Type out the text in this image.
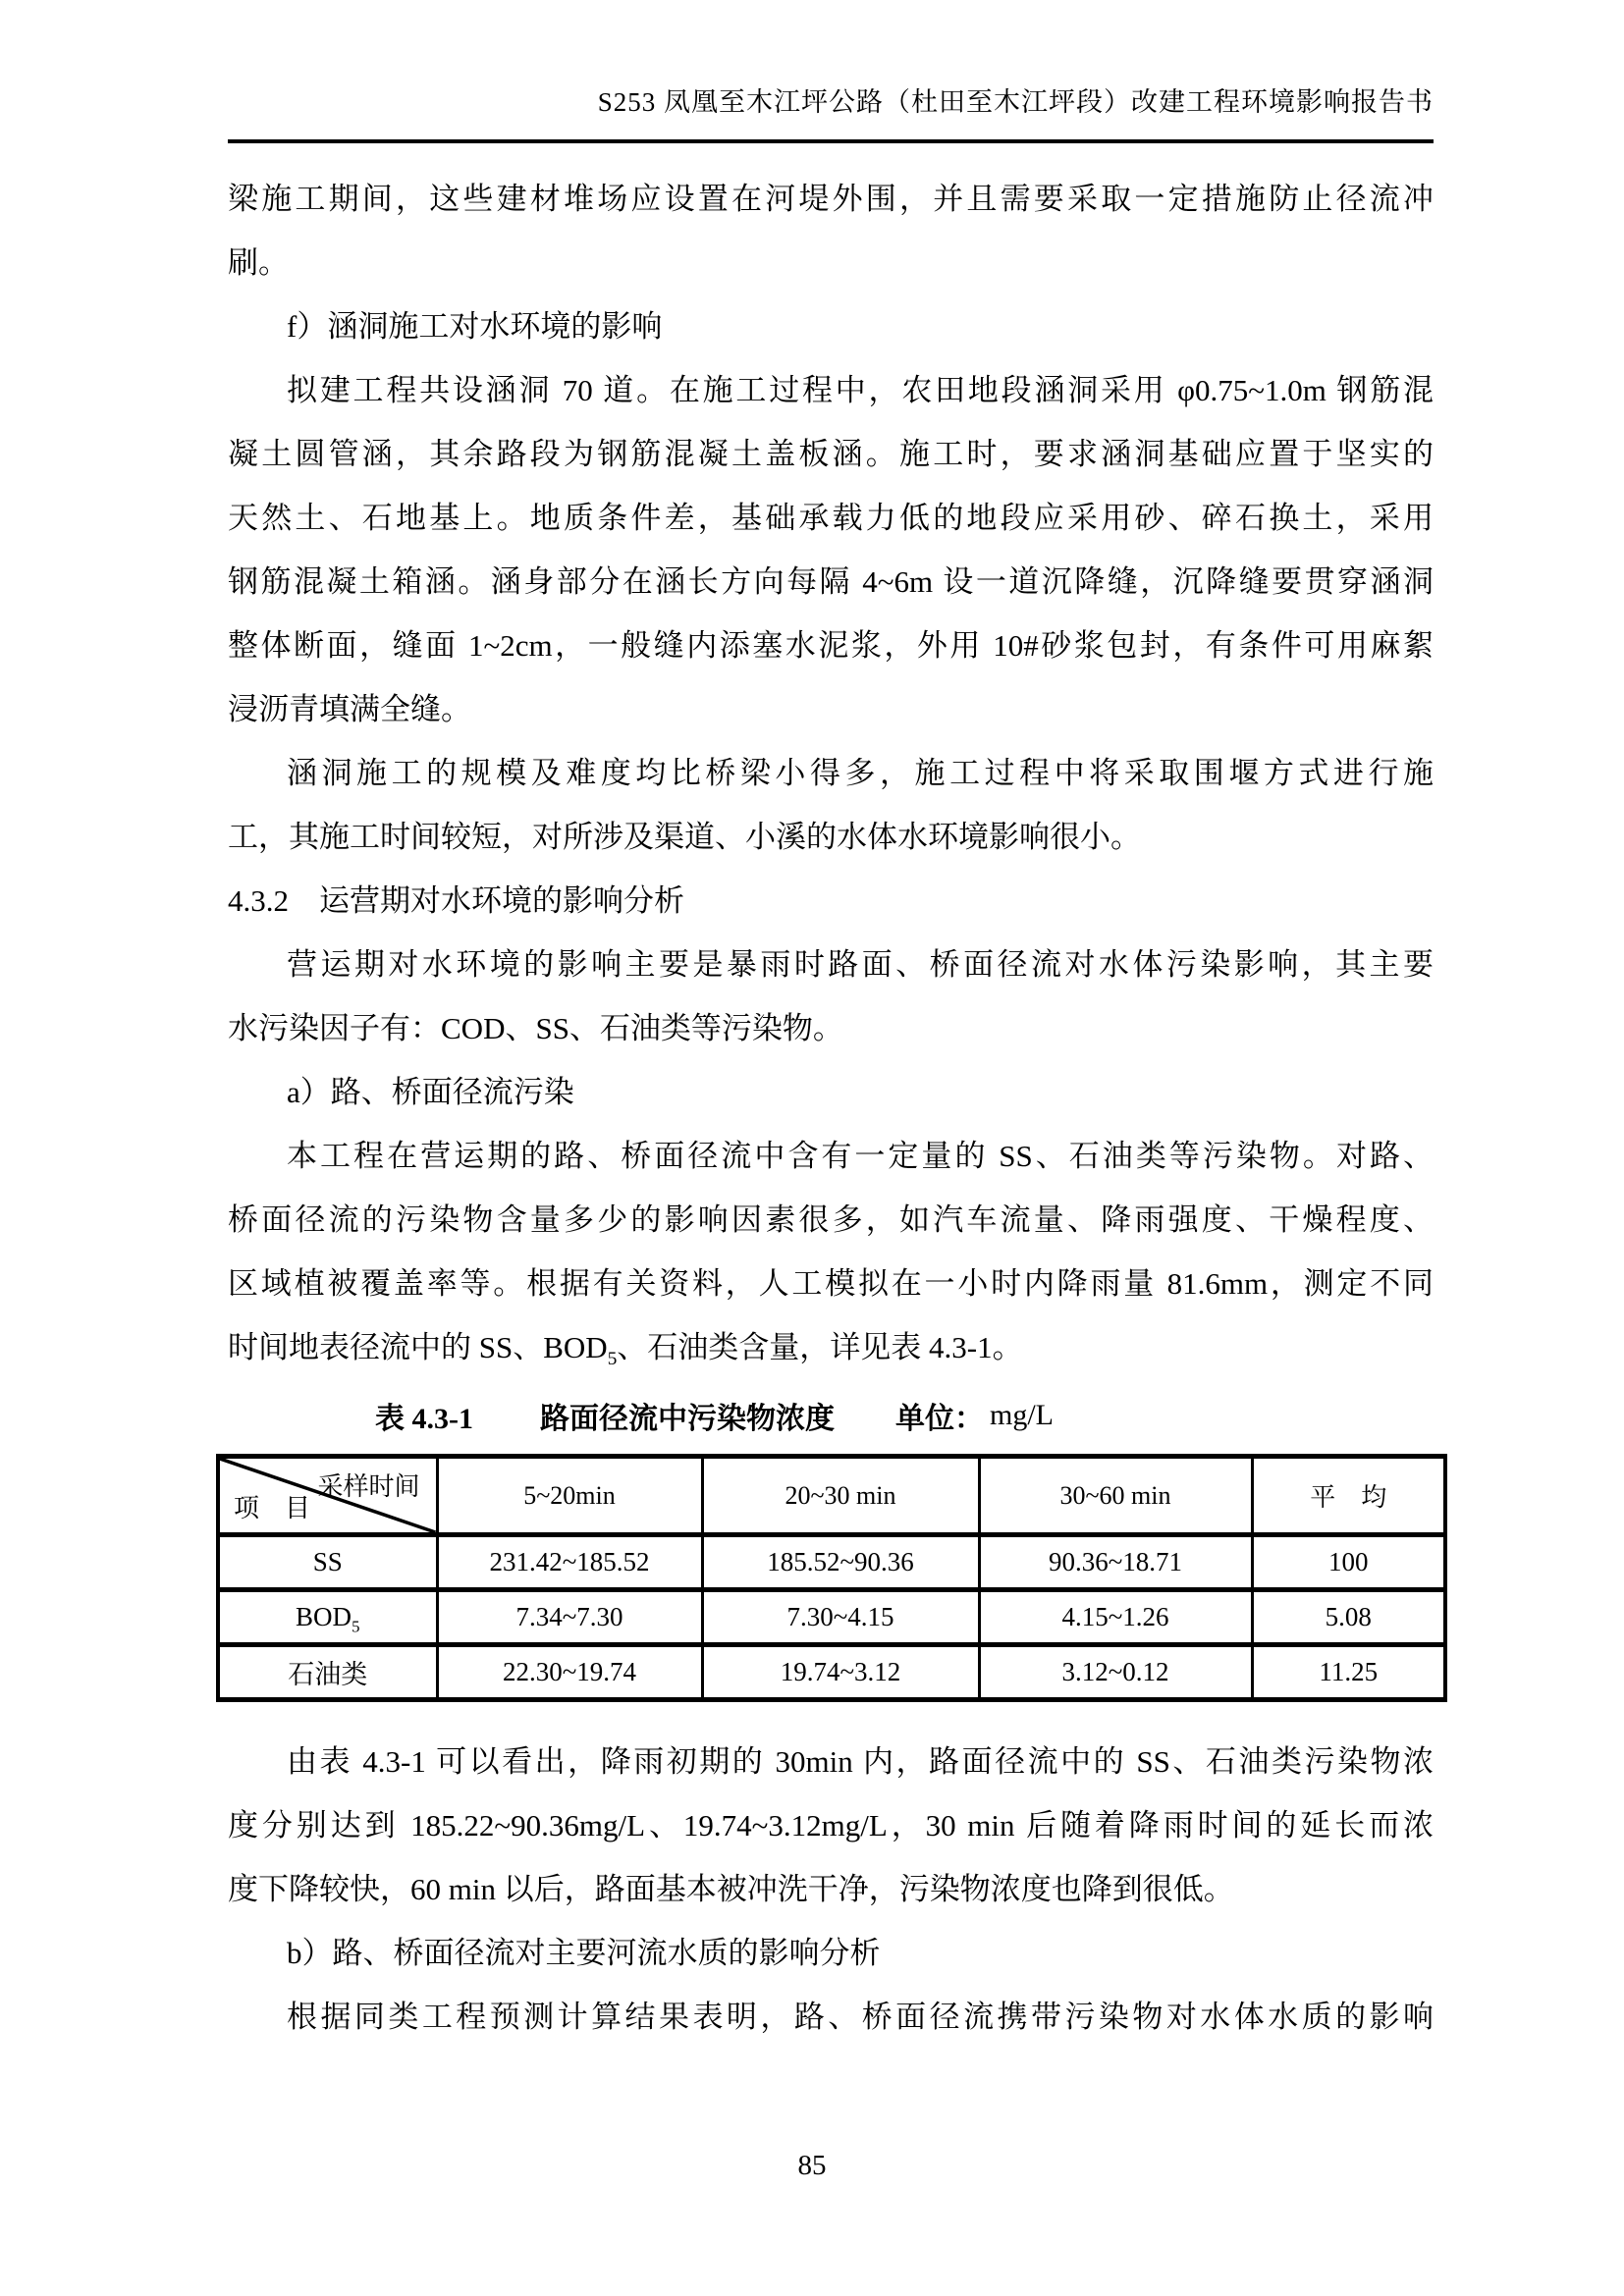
S253 凤凰至木江坪公路（杜田至木江坪段）改建工程环境影响报告书
梁施工期间，这些建材堆场应设置在河堤外围，并且需要采取一定措施防止径流冲
刷。
f）涵洞施工对水环境的影响
拟建工程共设涵洞 70 道。在施工过程中，农田地段涵洞采用 φ0.75~1.0m 钢筋混
凝土圆管涵，其余路段为钢筋混凝土盖板涵。施工时，要求涵洞基础应置于坚实的
天然土、石地基上。地质条件差，基础承载力低的地段应采用砂、碎石换土，采用
钢筋混凝土箱涵。涵身部分在涵长方向每隔 4~6m 设一道沉降缝，沉降缝要贯穿涵洞
整体断面，缝面 1~2cm，一般缝内添塞水泥浆，外用 10#砂浆包封，有条件可用麻絮
浸沥青填满全缝。
涵洞施工的规模及难度均比桥梁小得多，施工过程中将采取围堰方式进行施
工，其施工时间较短，对所涉及渠道、小溪的水体水环境影响很小。
4.3.2　运营期对水环境的影响分析
营运期对水环境的影响主要是暴雨时路面、桥面径流对水体污染影响，其主要
水污染因子有：COD、SS、石油类等污染物。
a）路、桥面径流污染
本工程在营运期的路、桥面径流中含有一定量的 SS、石油类等污染物。对路、
桥面径流的污染物含量多少的影响因素很多，如汽车流量、降雨强度、干燥程度、
区域植被覆盖率等。根据有关资料，人工模拟在一小时内降雨量 81.6mm，测定不同
时间地表径流中的 SS、$BOD_5$、石油类含量，详见表 4.3-1。
表 4.3-1 路面径流中污染物浓度 单位： mg/L
采样时间
项　目	5~20min	20~30 min	30~60 min	平　均
SS	231.42~185.52	185.52~90.36	90.36~18.71	100
$BOD_5$	7.34~7.30	7.30~4.15	4.15~1.26	5.08
石油类	22.30~19.74	19.74~3.12	3.12~0.12	11.25
由表 4.3-1 可以看出，降雨初期的 30min 内，路面径流中的 SS、石油类污染物浓
度分别达到 185.22~90.36mg/L、19.74~3.12mg/L，30 min 后随着降雨时间的延长而浓
度下降较快，60 min 以后，路面基本被冲洗干净，污染物浓度也降到很低。
b）路、桥面径流对主要河流水质的影响分析
根据同类工程预测计算结果表明，路、桥面径流携带污染物对水体水质的影响
85
